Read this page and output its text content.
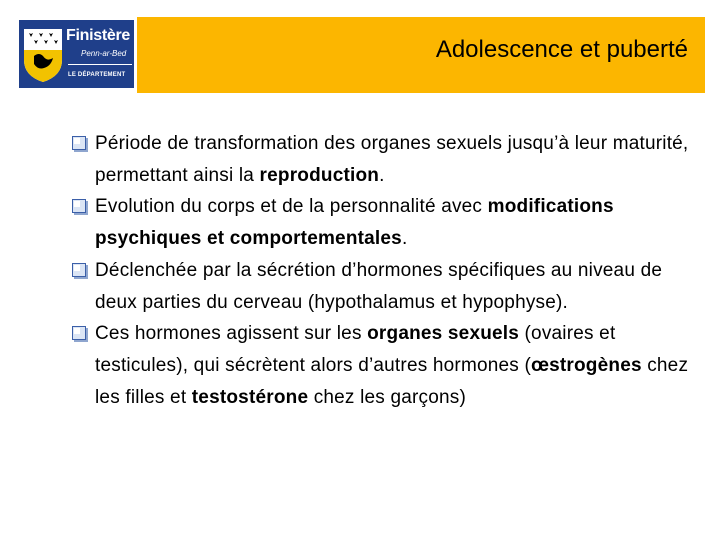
Finistère
Penn-ar-Bed
LE DÉPARTEMENT
Adolescence et puberté
Période de transformation des organes sexuels jusqu’à leur maturité, permettant ainsi la reproduction.
Evolution du corps et de la personnalité avec modifications psychiques et comportementales.
Déclenchée par la sécrétion d’hormones spécifiques au niveau de deux parties du cerveau (hypothalamus et hypophyse).
Ces hormones agissent sur les organes sexuels (ovaires et testicules), qui sécrètent alors d’autres hormones (œstrogènes chez les filles et testostérone chez les garçons)
